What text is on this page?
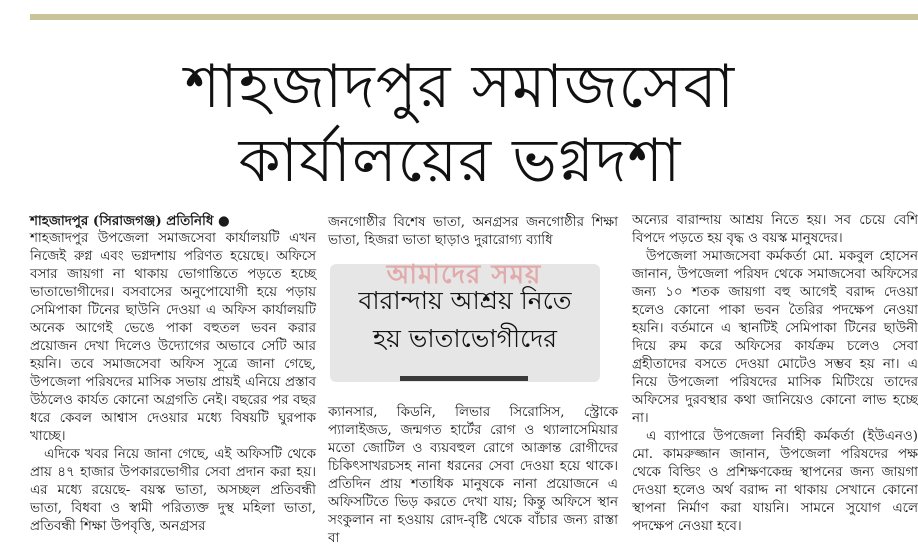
শাহজাদপুর সমাজসেবা
কার্যালয়ের ভগ্নদশা

শাহজাদপুর (সিরাজগঞ্জ) প্রতিনিধি ●

শাহজাদপুর উপজেলা সমাজসেবা কার্যালয়টি এখন নিজেই রুগ্ন এবং ভগ্নদশায় পরিণত হয়েছে। অফিসে বসার জায়গা না থাকায় ভোগান্তিতে পড়তে হচ্ছে ভাতাভোগীদের। বসবাসের অনুপোযোগী হয়ে পড়ায় সেমিপাকা টিনের ছাউনি দেওয়া এ অফিস কার্যালয়টি অনেক আগেই ভেঙে পাকা বহুতল ভবন করার প্রয়োজন দেখা দিলেও উদ্যোগের অভাবে সেটি আর হয়নি। তবে সমাজসেবা অফিস সূত্রে জানা গেছে, উপজেলা পরিষদের মাসিক সভায় প্রায়ই এনিয়ে প্রস্তাব উঠলেও কার্যত কোনো অগ্রগতি নেই। বছরের পর বছর ধরে কেবল আশ্বাস দেওয়ার মধ্যে বিষয়টি ঘুরপাক খাচ্ছে।

এদিকে খবর নিয়ে জানা গেছে, এই অফিসটি থেকে প্রায় ৪৭ হাজার উপকারভোগীর সেবা প্রদান করা হয়। এর মধ্যে রয়েছে- বয়স্ক ভাতা, অসচ্ছল প্রতিবন্ধী ভাতা, বিধবা ও স্বামী পরিত্যক্ত দুস্থ মহিলা ভাতা, প্রতিবন্ধী শিক্ষা উপবৃত্তি, অনগ্রসর

জনগোষ্ঠীর বিশেষ ভাতা, অনগ্রসর জনগোষ্ঠীর শিক্ষা ভাতা, হিজরা ভাতা ছাড়াও দুরারোগ্য ব্যাধি

আমাদের সময়
বারান্দায় আশ্রয় নিতে
হয় ভাতাভোগীদের

ক্যানসার, কিডনি, লিভার সিরোসিস, স্ট্রোকে প্যালাইজড, জন্মগত হার্টের রোগ ও থ্যালাসেমিয়ার মতো জোটিল ও ব্যয়বহুল রোগে আক্রান্ত রোগীদের চিকিৎসাখরচসহ নানা ধরনের সেবা দেওয়া হয়ে থাকে। প্রতিদিন প্রায় শতাধিক মানুষকে নানা প্রয়োজনে এ অফিসটিতে ভিড় করতে দেখা যায়; কিন্তু অফিসে স্থান সংকুলান না হওয়ায় রোদ-বৃষ্টি থেকে বাঁচার জন্য রাস্তা বা

অন্যের বারান্দায় আশ্রয় নিতে হয়। সব চেয়ে বেশি বিপদে পড়তে হয় বৃদ্ধ ও বয়স্ক মানুষদের।

উপজেলা সমাজসেবা কর্মকর্তা মো. মকবুল হোসেন জানান, উপজেলা পরিষদ থেকে সমাজসেবা অফিসের জন্য ১০ শতক জায়গা বহু আগেই বরাদ্দ দেওয়া হলেও কোনো পাকা ভবন তৈরির পদক্ষেপ নেওয়া হয়নি। বর্তমানে এ স্থানটিই সেমিপাকা টিনের ছাউনী দিয়ে রুম করে অফিসের কার্যক্রম চলেও সেবা গ্রহীতাদের বসতে দেওয়া মোটেও সম্ভব হয় না। এ নিয়ে উপজেলা পরিষদের মাসিক মিটিংয়ে তাদের অফিসের দুরবস্থার কথা জানিয়েও কোনো লাভ হচ্ছে না।

এ ব্যাপারে উপজেলা নির্বাহী কর্মকর্তা (ইউএনও) মো. কামরুজ্জান জানান, উপজেলা পরিষদের পক্ষ থেকে বিল্ডিং ও প্রশিক্ষণকেন্দ্র স্থাপনের জন্য জায়গা দেওয়া হলেও অর্থ বরাদ্দ না থাকায় সেখানে কোনো স্থাপনা নির্মাণ করা যায়নি। সামনে সুযোগ এলে পদক্ষেপ নেওয়া হবে।
